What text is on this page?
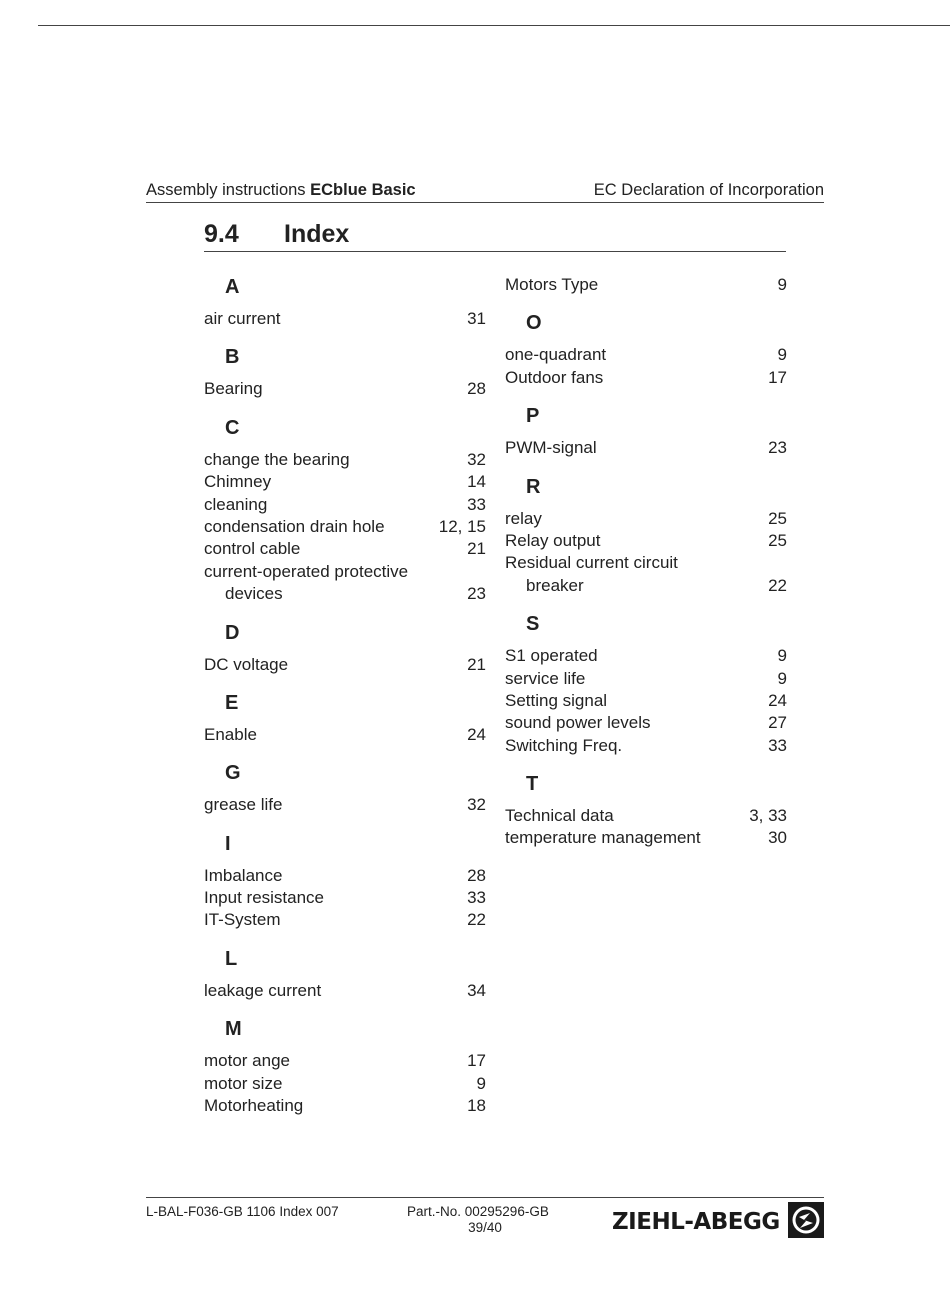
Assembly instructions ECblue Basic	EC Declaration of Incorporation
9.4 Index
A
air current	31
B
Bearing	28
C
change the bearing	32
Chimney	14
cleaning	33
condensation drain hole	12, 15
control cable	21
current-operated protective
devices	23
D
DC voltage	21
E
Enable	24
G
grease life	32
I
Imbalance	28
Input resistance	33
IT-System	22
L
leakage current	34
M
motor ange	17
motor size	9
Motorheating	18
Motors Type	9
O
one-quadrant	9
Outdoor fans	17
P
PWM-signal	23
R
relay	25
Relay output	25
Residual current circuit
breaker	22
S
S1 operated	9
service life	9
Setting signal	24
sound power levels	27
Switching Freq.	33
T
Technical data	3, 33
temperature management	30
L-BAL-F036-GB 1106 Index 007	Part.-No. 00295296-GB
39/40	ZIEHL-ABEGG
